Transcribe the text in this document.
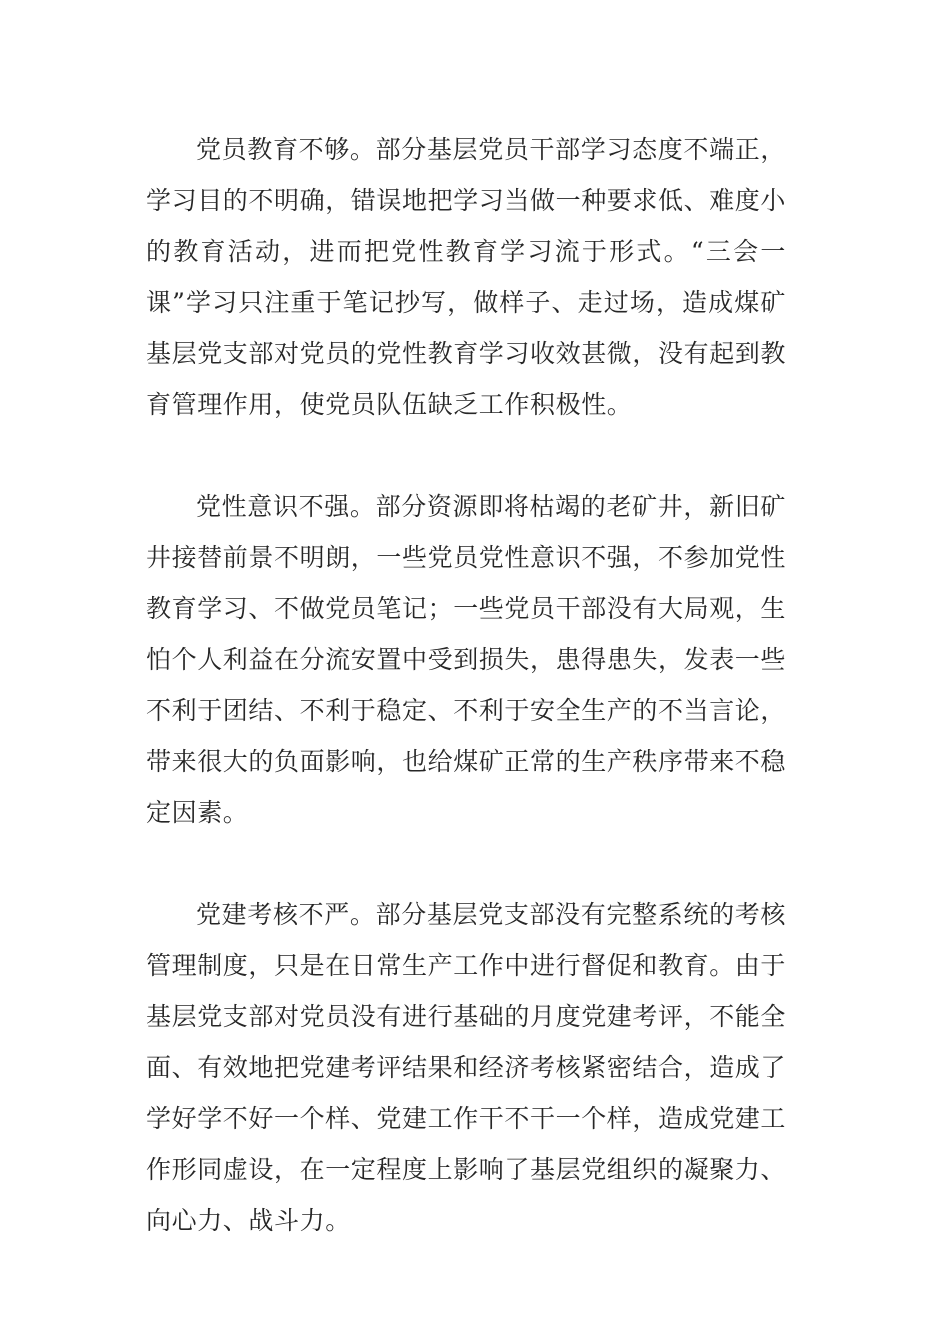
党员教育不够。部分基层党员干部学习态度不端正，学习目的不明确，错误地把学习当做一种要求低、难度小的教育活动，进而把党性教育学习流于形式。“三会一课”学习只注重于笔记抄写，做样子、走过场，造成煤矿基层党支部对党员的党性教育学习收效甚微，没有起到教育管理作用，使党员队伍缺乏工作积极性。

党性意识不强。部分资源即将枯竭的老矿井，新旧矿井接替前景不明朗，一些党员党性意识不强，不参加党性教育学习、不做党员笔记；一些党员干部没有大局观，生怕个人利益在分流安置中受到损失，患得患失，发表一些不利于团结、不利于稳定、不利于安全生产的不当言论，带来很大的负面影响，也给煤矿正常的生产秩序带来不稳定因素。

党建考核不严。部分基层党支部没有完整系统的考核管理制度，只是在日常生产工作中进行督促和教育。由于基层党支部对党员没有进行基础的月度党建考评，不能全面、有效地把党建考评结果和经济考核紧密结合，造成了学好学不好一个样、党建工作干不干一个样，造成党建工作形同虚设，在一定程度上影响了基层党组织的凝聚力、向心力、战斗力。
